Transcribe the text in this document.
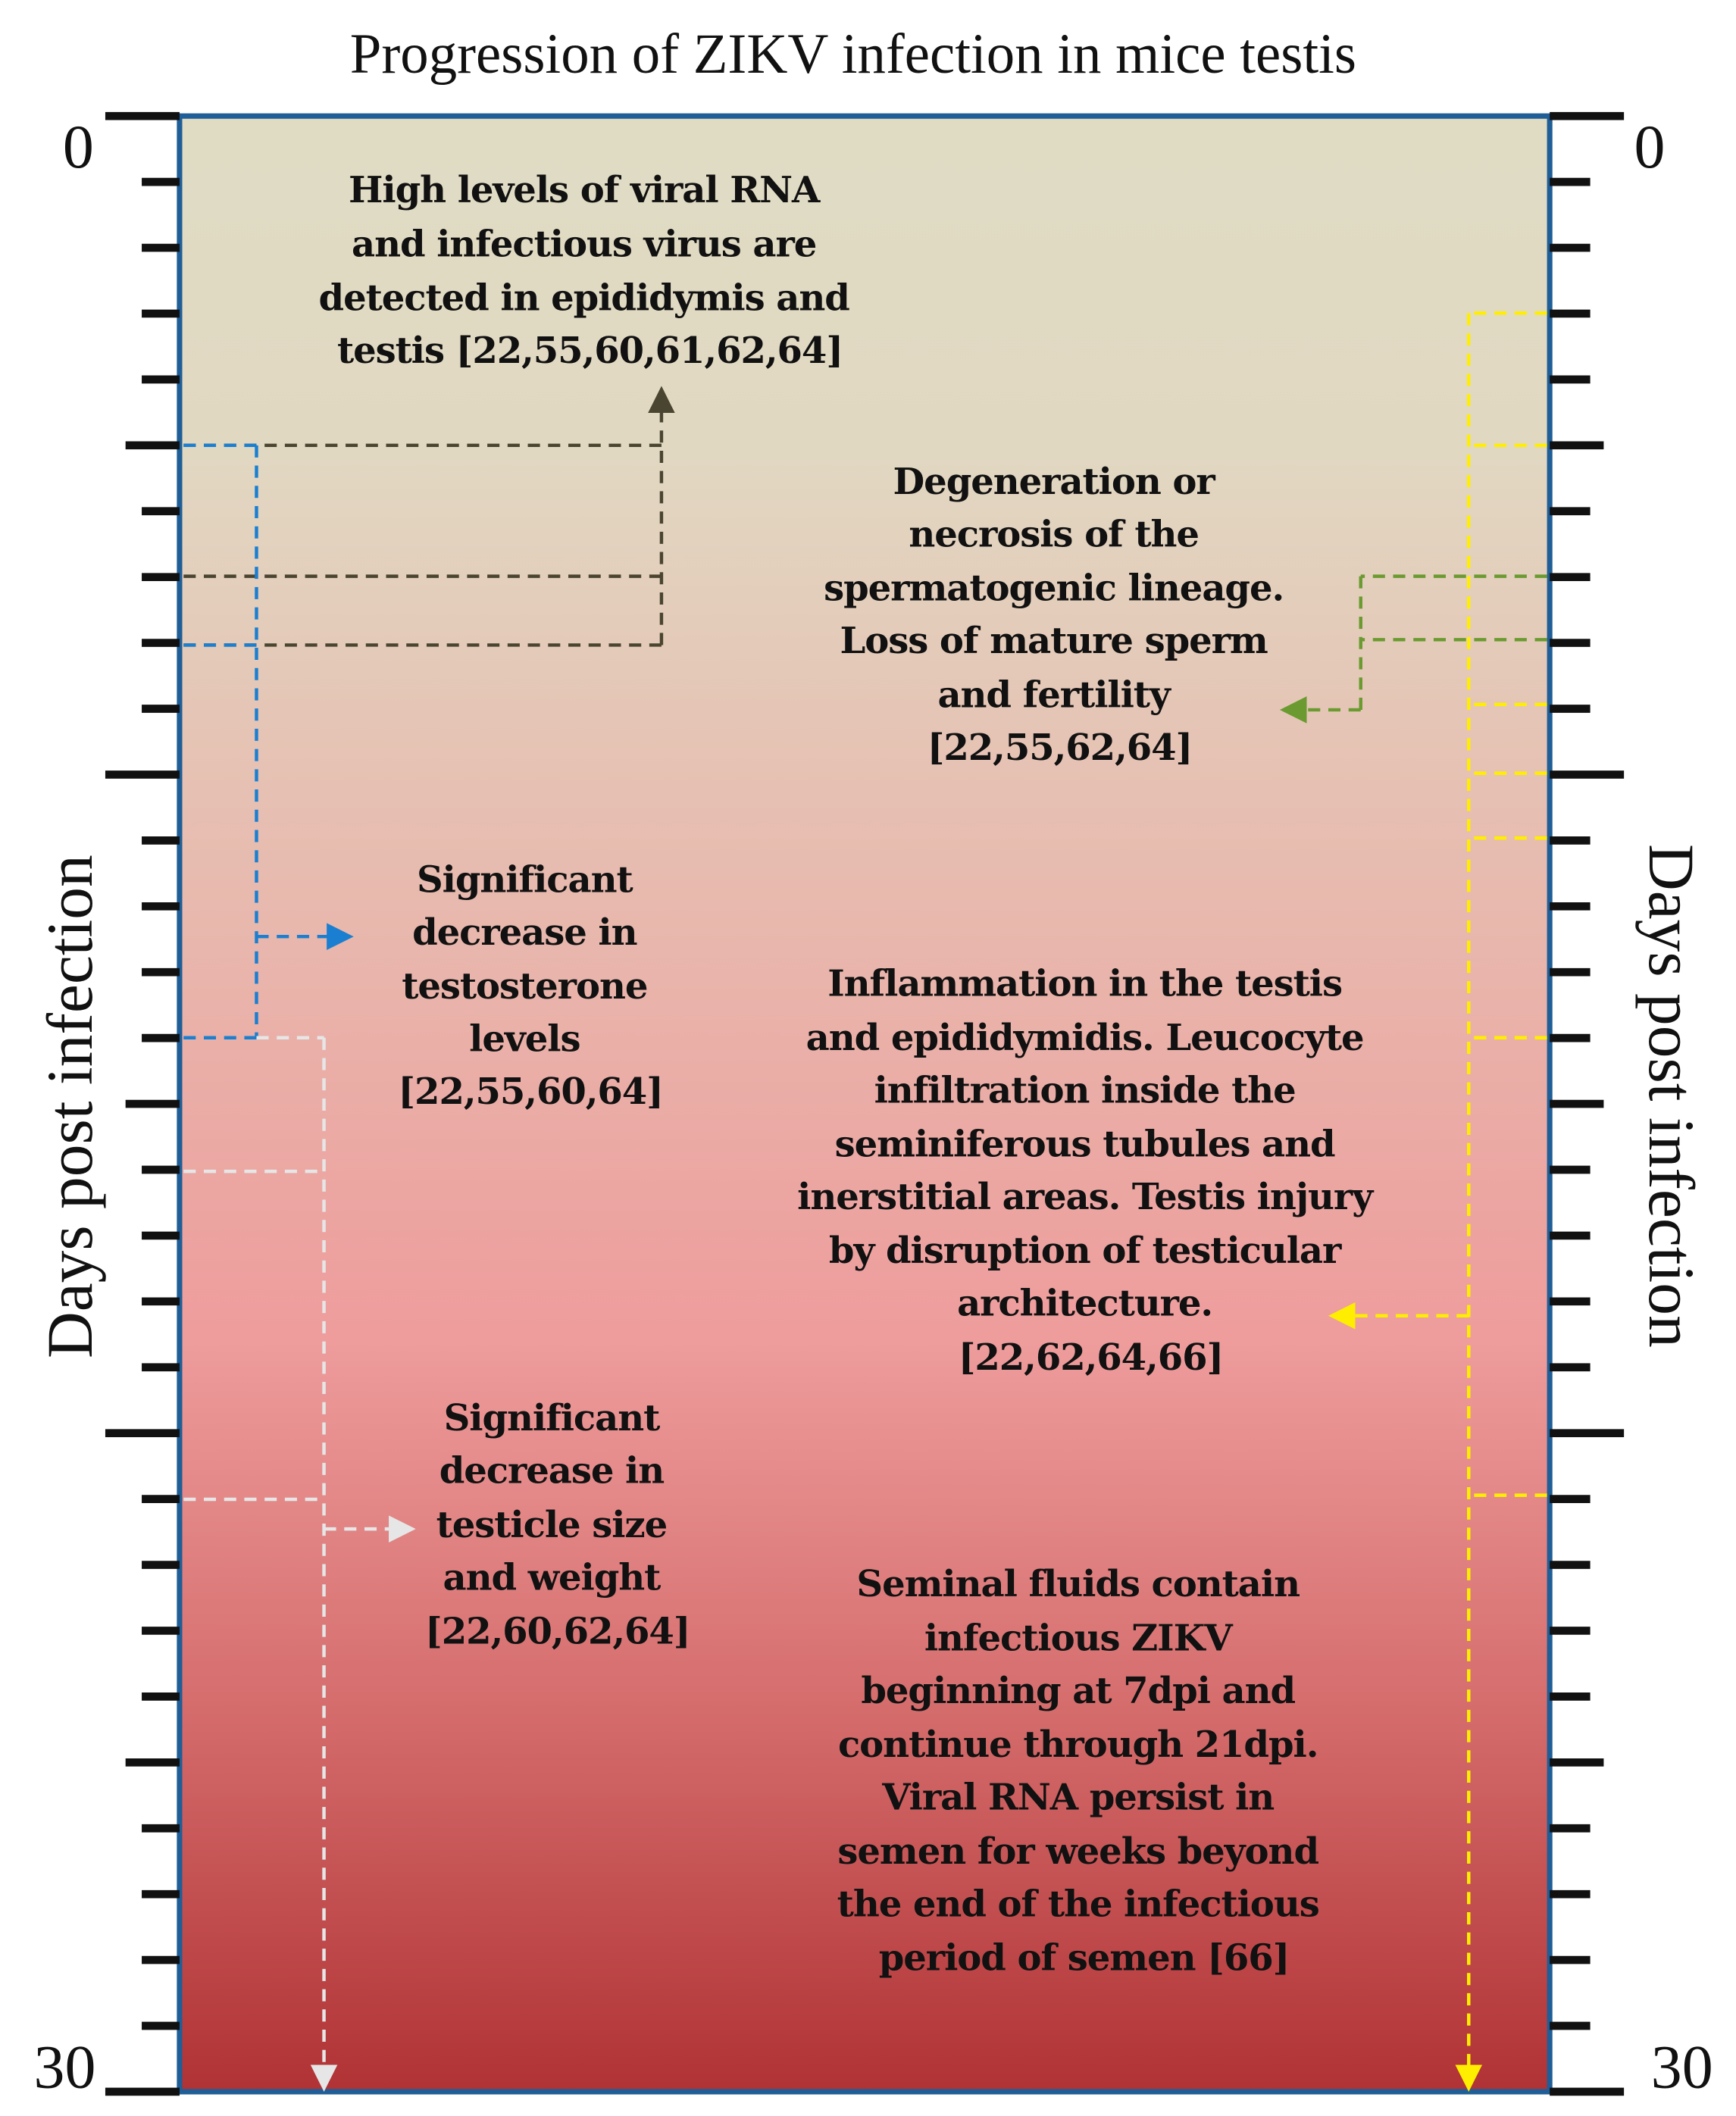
Progression of ZIKV infection in mice testis
0
30
0
30
Days post infection	Days post infection
High levels of viral RNA and infectious virus are detected in epididymis and testis [22,55,60,61,62,64]
Degeneration or necrosis of the spermatogenic lineage. Loss of mature sperm and fertility [22,55,62,64]
Significant decrease in testosterone levels [22,55,60,64]
Inflammation in the testis and epididymidis. Leucocyte infiltration inside the seminiferous tubules and inerstitial areas. Testis injury by disruption of testicular architecture. [22,62,64,66]
Significant decrease in testicle size and weight [22,60,62,64]
Seminal fluids contain infectious ZIKV beginning at 7dpi and continue through 21dpi. Viral RNA persist in semen for weeks beyond the end of the infectious period of semen [66]
